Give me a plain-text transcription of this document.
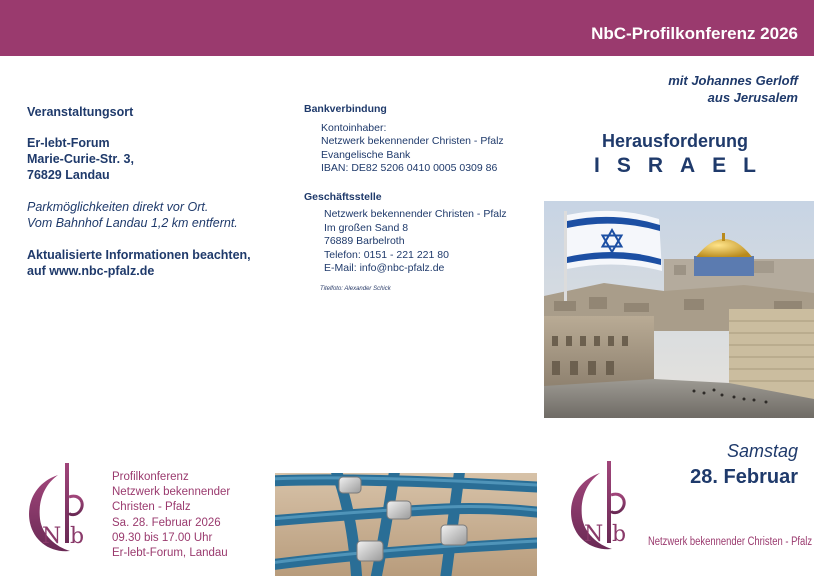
NbC-Profilkonferenz 2026
Veranstaltungsort
Er-lebt-Forum
Marie-Curie-Str. 3,
76829 Landau
Parkmöglichkeiten direkt vor Ort.
Vom Bahnhof Landau 1,2 km entfernt.
Aktualisierte Informationen beachten,
auf www.nbc-pfalz.de
Bankverbindung
Kontoinhaber:
Netzwerk bekennender Christen - Pfalz
Evangelische Bank
IBAN: DE82 5206 0410 0005 0309 86
Geschäftsstelle
Netzwerk bekennender Christen - Pfalz
Im großen Sand 8
76889 Barbelroth
Telefon: 0151 - 221 221 80
E-Mail: info@nbc-pfalz.de
Titelfoto: Alexander Schick
mit Johannes Gerloff
aus Jerusalem
Herausforderung
ISRAEL
N b
Profilkonferenz
Netzwerk bekennender
Christen - Pfalz
Sa. 28. Februar 2026
09.30 bis 17.00 Uhr
Er-lebt-Forum, Landau
N b
Samstag
28. Februar
Netzwerk bekennender Christen - Pfalz
